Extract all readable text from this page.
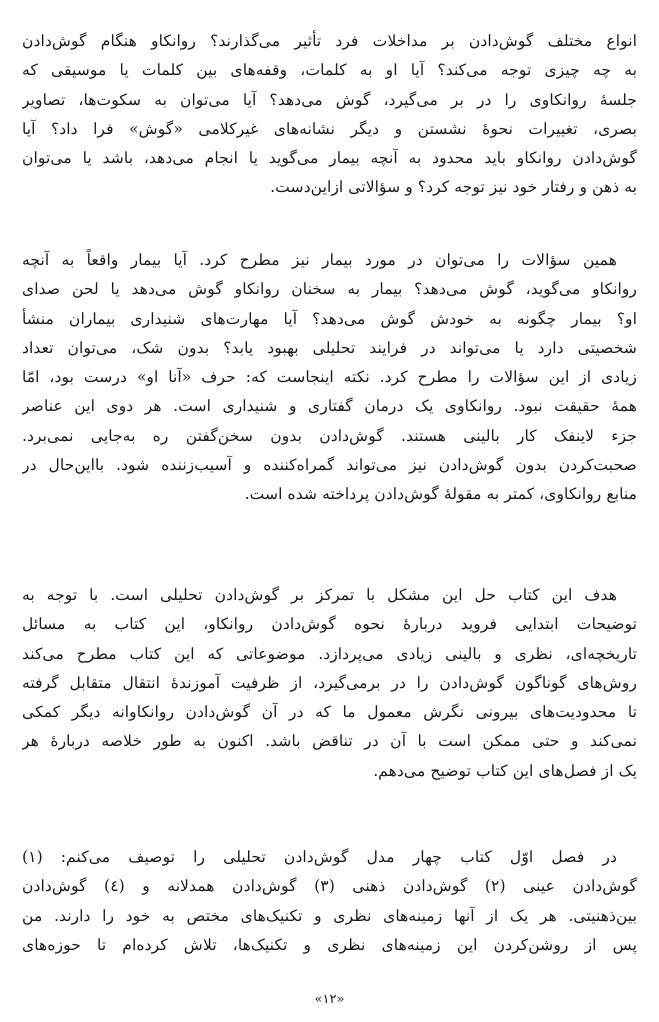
انواع مختلف گوش‌دادن بر مداخلات فرد تأثیر می‌گذارند؟ روانکاو هنگام گوش‌دادن
به چه چیزی توجه می‌کند؟ آیا او به کلمات، وقفه‌های بین کلمات یا موسیقی که
جلسهٔ روانکاوی را در بر می‌گیرد، گوش می‌دهد؟ آیا می‌توان به سکوت‌ها، تصاویر
بصری، تغییرات نحوهٔ نشستن و دیگر نشانه‌های غیرکلامی «گوش» فرا داد؟ آیا
گوش‌دادن روانکاو باید محدود به آنچه بیمار می‌گوید یا انجام می‌دهد، باشد یا می‌توان
به ذهن و رفتار خود نیز توجه کرد؟ و سؤالاتی ازاین‌دست.
همین سؤالات را می‌توان در مورد بیمار نیز مطرح کرد. آیا بیمار واقعاً به آنچه
روانکاو می‌گوید، گوش می‌دهد؟ بیمار به سخنان روانکاو گوش می‌دهد یا لحن صدای
او؟ بیمار چگونه به خودش گوش می‌دهد؟ آیا مهارت‌های شنیداری بیماران منشأ
شخصیتی دارد یا می‌تواند در فرایند تحلیلی بهبود یابد؟ بدون شک، می‌توان تعداد
زیادی از این سؤالات را مطرح کرد. نکته اینجاست که: حرف «آنا او» درست بود، امّا
همهٔ حقیقت نبود. روانکاوی یک درمان گفتاری و شنیداری است. هر دوی این عناصر
جزء لاینفک کار بالینی هستند. گوش‌دادن بدون سخن‌گفتن ره به‌جایی نمی‌برد.
صحبت‌کردن بدون گوش‌دادن نیز می‌تواند گمراه‌کننده و آسیب‌زننده شود. بااین‌حال در
منابع روانکاوی، کمتر به مقولهٔ گوش‌دادن پرداخته شده است.
هدف این کتاب حل این مشکل با تمرکز بر گوش‌دادن تحلیلی است. با توجه به
توضیحات ابتدایی فروید دربارهٔ نحوه گوش‌دادن روانکاو، این کتاب به مسائل
تاریخچه‌ای، نظری و بالینی زیادی می‌پردازد. موضوعاتی که این کتاب مطرح می‌کند
روش‌های گوناگون گوش‌دادن را در برمی‌گیرد، از ظرفیت آموزندهٔ انتقال متقابل گرفته
تا محدودیت‌های بیرونی نگرش معمول ما که در آن گوش‌دادن روانکاوانه دیگر کمکی
نمی‌کند و حتی ممکن است با آن در تناقض باشد. اکنون به طور خلاصه دربارهٔ هر
یک از فصل‌های این کتاب توضیح می‌دهم.
در فصل اوّل کتاب چهار مدل گوش‌دادن تحلیلی را توصیف می‌کنم: (۱)
گوش‌دادن عینی (۲) گوش‌دادن ذهنی (۳) گوش‌دادن همدلانه و (٤) گوش‌دادن
بین‌ذهنیتی. هر یک از آنها زمینه‌های نظری و تکنیک‌های مختص به خود را دارند. من
پس از روشن‌کردن این زمینه‌های نظری و تکنیک‌ها، تلاش کرده‌ام تا حوزه‌های
«۱۲»
